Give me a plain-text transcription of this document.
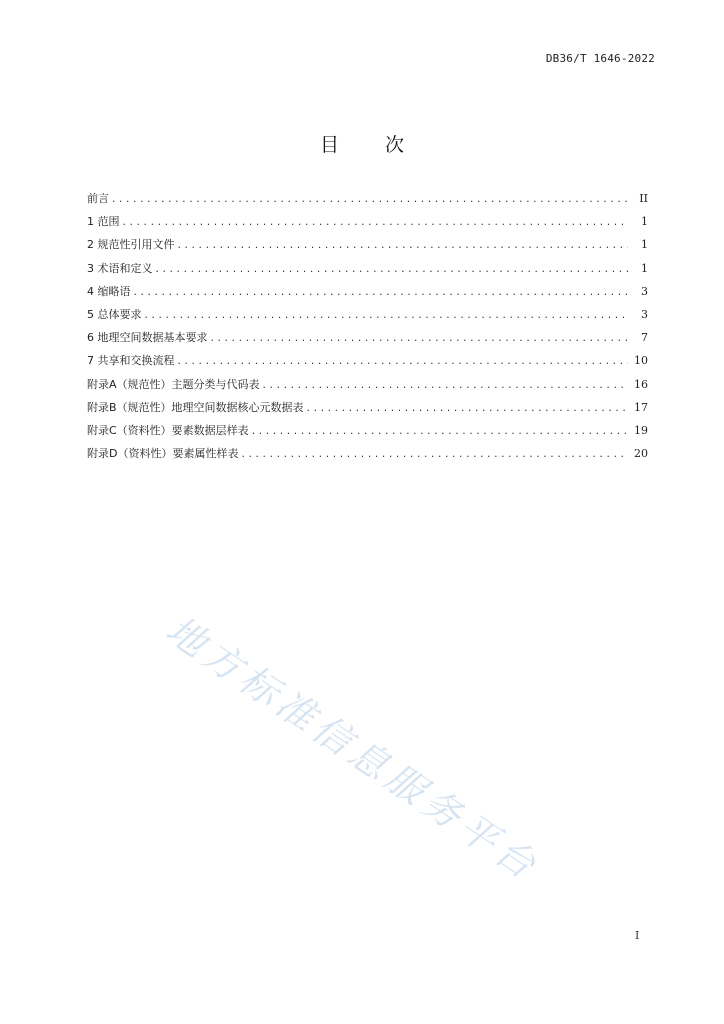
DB36/T 1646-2022
目 次
前言 .....	II
1 范围 .....	1
2 规范性引用文件 .....	1
3 术语和定义 .....	1
4 缩略语 .....	3
5 总体要求 .....	3
6 地理空间数据基本要求 .....	7
7 共享和交换流程 .....	10
附录A（规范性）主题分类与代码表 .....	16
附录B（规范性）地理空间数据核心元数据表 .....	17
附录C（资料性）要素数据层样表 .....	19
附录D（资料性）要素属性样表 .....	20
地方标准信息服务平台
I
